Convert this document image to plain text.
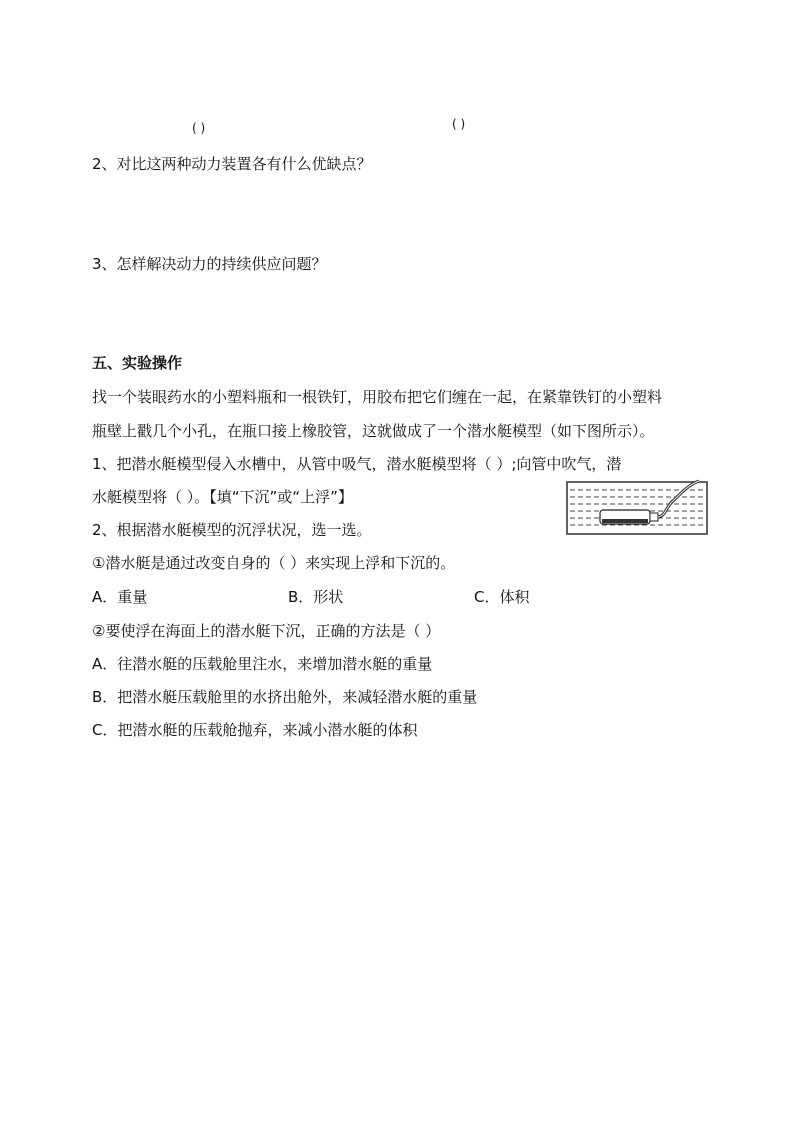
( )	( )
2、对比这两种动力装置各有什么优缺点？
3、怎样解决动力的持续供应问题？
五、实验操作
找一个装眼药水的小塑料瓶和一根铁钉，用胶布把它们缠在一起，在紧靠铁钉的小塑料
瓶壁上戳几个小孔，在瓶口接上橡胶管，这就做成了一个潜水艇模型（如下图所示）。
1、把潜水艇模型侵入水槽中，从管中吸气，潜水艇模型将（ ）;向管中吹气，潜
水艇模型将（ ）。【填“下沉”或“上浮”】
2、根据潜水艇模型的沉浮状况，选一选。
①潜水艇是通过改变自身的（ ）来实现上浮和下沉的。
A．重量	B．形状	C．体积
②要使浮在海面上的潜水艇下沉，正确的方法是（ ）
A．往潜水艇的压载舱里注水，来增加潜水艇的重量
B．把潜水艇压载舱里的水挤出舱外，来减轻潜水艇的重量
C．把潜水艇的压载舱抛弃，来减小潜水艇的体积
